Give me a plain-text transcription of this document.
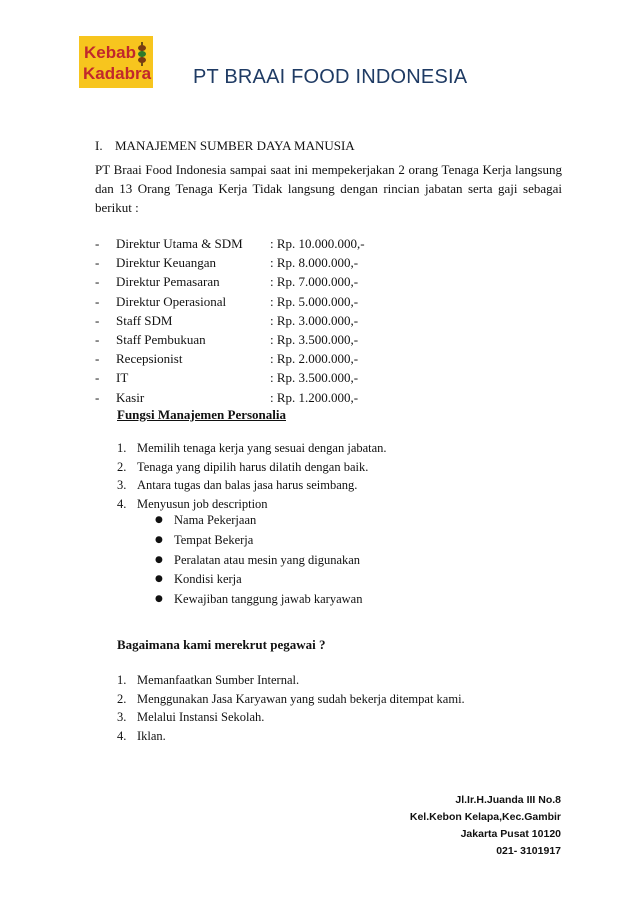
Kebab
Kadabra PT BRAAI FOOD INDONESIA
I. MANAJEMEN SUMBER DAYA MANUSIA
PT Braai Food Indonesia sampai saat ini mempekerjakan 2 orang Tenaga Kerja langsung dan 13 Orang Tenaga Kerja Tidak langsung dengan rincian jabatan serta gaji sebagai berikut :
- Direktur Utama & SDM : Rp. 10.000.000,-
- Direktur Keuangan	: Rp. 8.000.000,-
- Direktur Pemasaran	: Rp. 7.000.000,-
- Direktur Operasional	: Rp. 5.000.000,-
- Staff SDM	: Rp. 3.000.000,-
- Staff Pembukuan	: Rp. 3.500.000,-
- Recepsionist	: Rp. 2.000.000,-
- IT	: Rp. 3.500.000,-
- Kasir	: Rp. 1.200.000,-
Fungsi Manajemen Personalia
1. Memilih tenaga kerja yang sesuai dengan jabatan.
2. Tenaga yang dipilih harus dilatih dengan baik.
3. Antara tugas dan balas jasa harus seimbang.
4. Menyusun job description
● Nama Pekerjaan
● Tempat Bekerja
● Peralatan atau mesin yang digunakan
● Kondisi kerja
● Kewajiban tanggung jawab karyawan
Bagaimana kami merekrut pegawai ?
1. Memanfaatkan Sumber Internal.
2. Menggunakan Jasa Karyawan yang sudah bekerja ditempat kami.
3. Melalui Instansi Sekolah.
4. Iklan.
Jl.Ir.H.Juanda III No.8
Kel.Kebon Kelapa,Kec.Gambir
Jakarta Pusat 10120
021- 3101917
